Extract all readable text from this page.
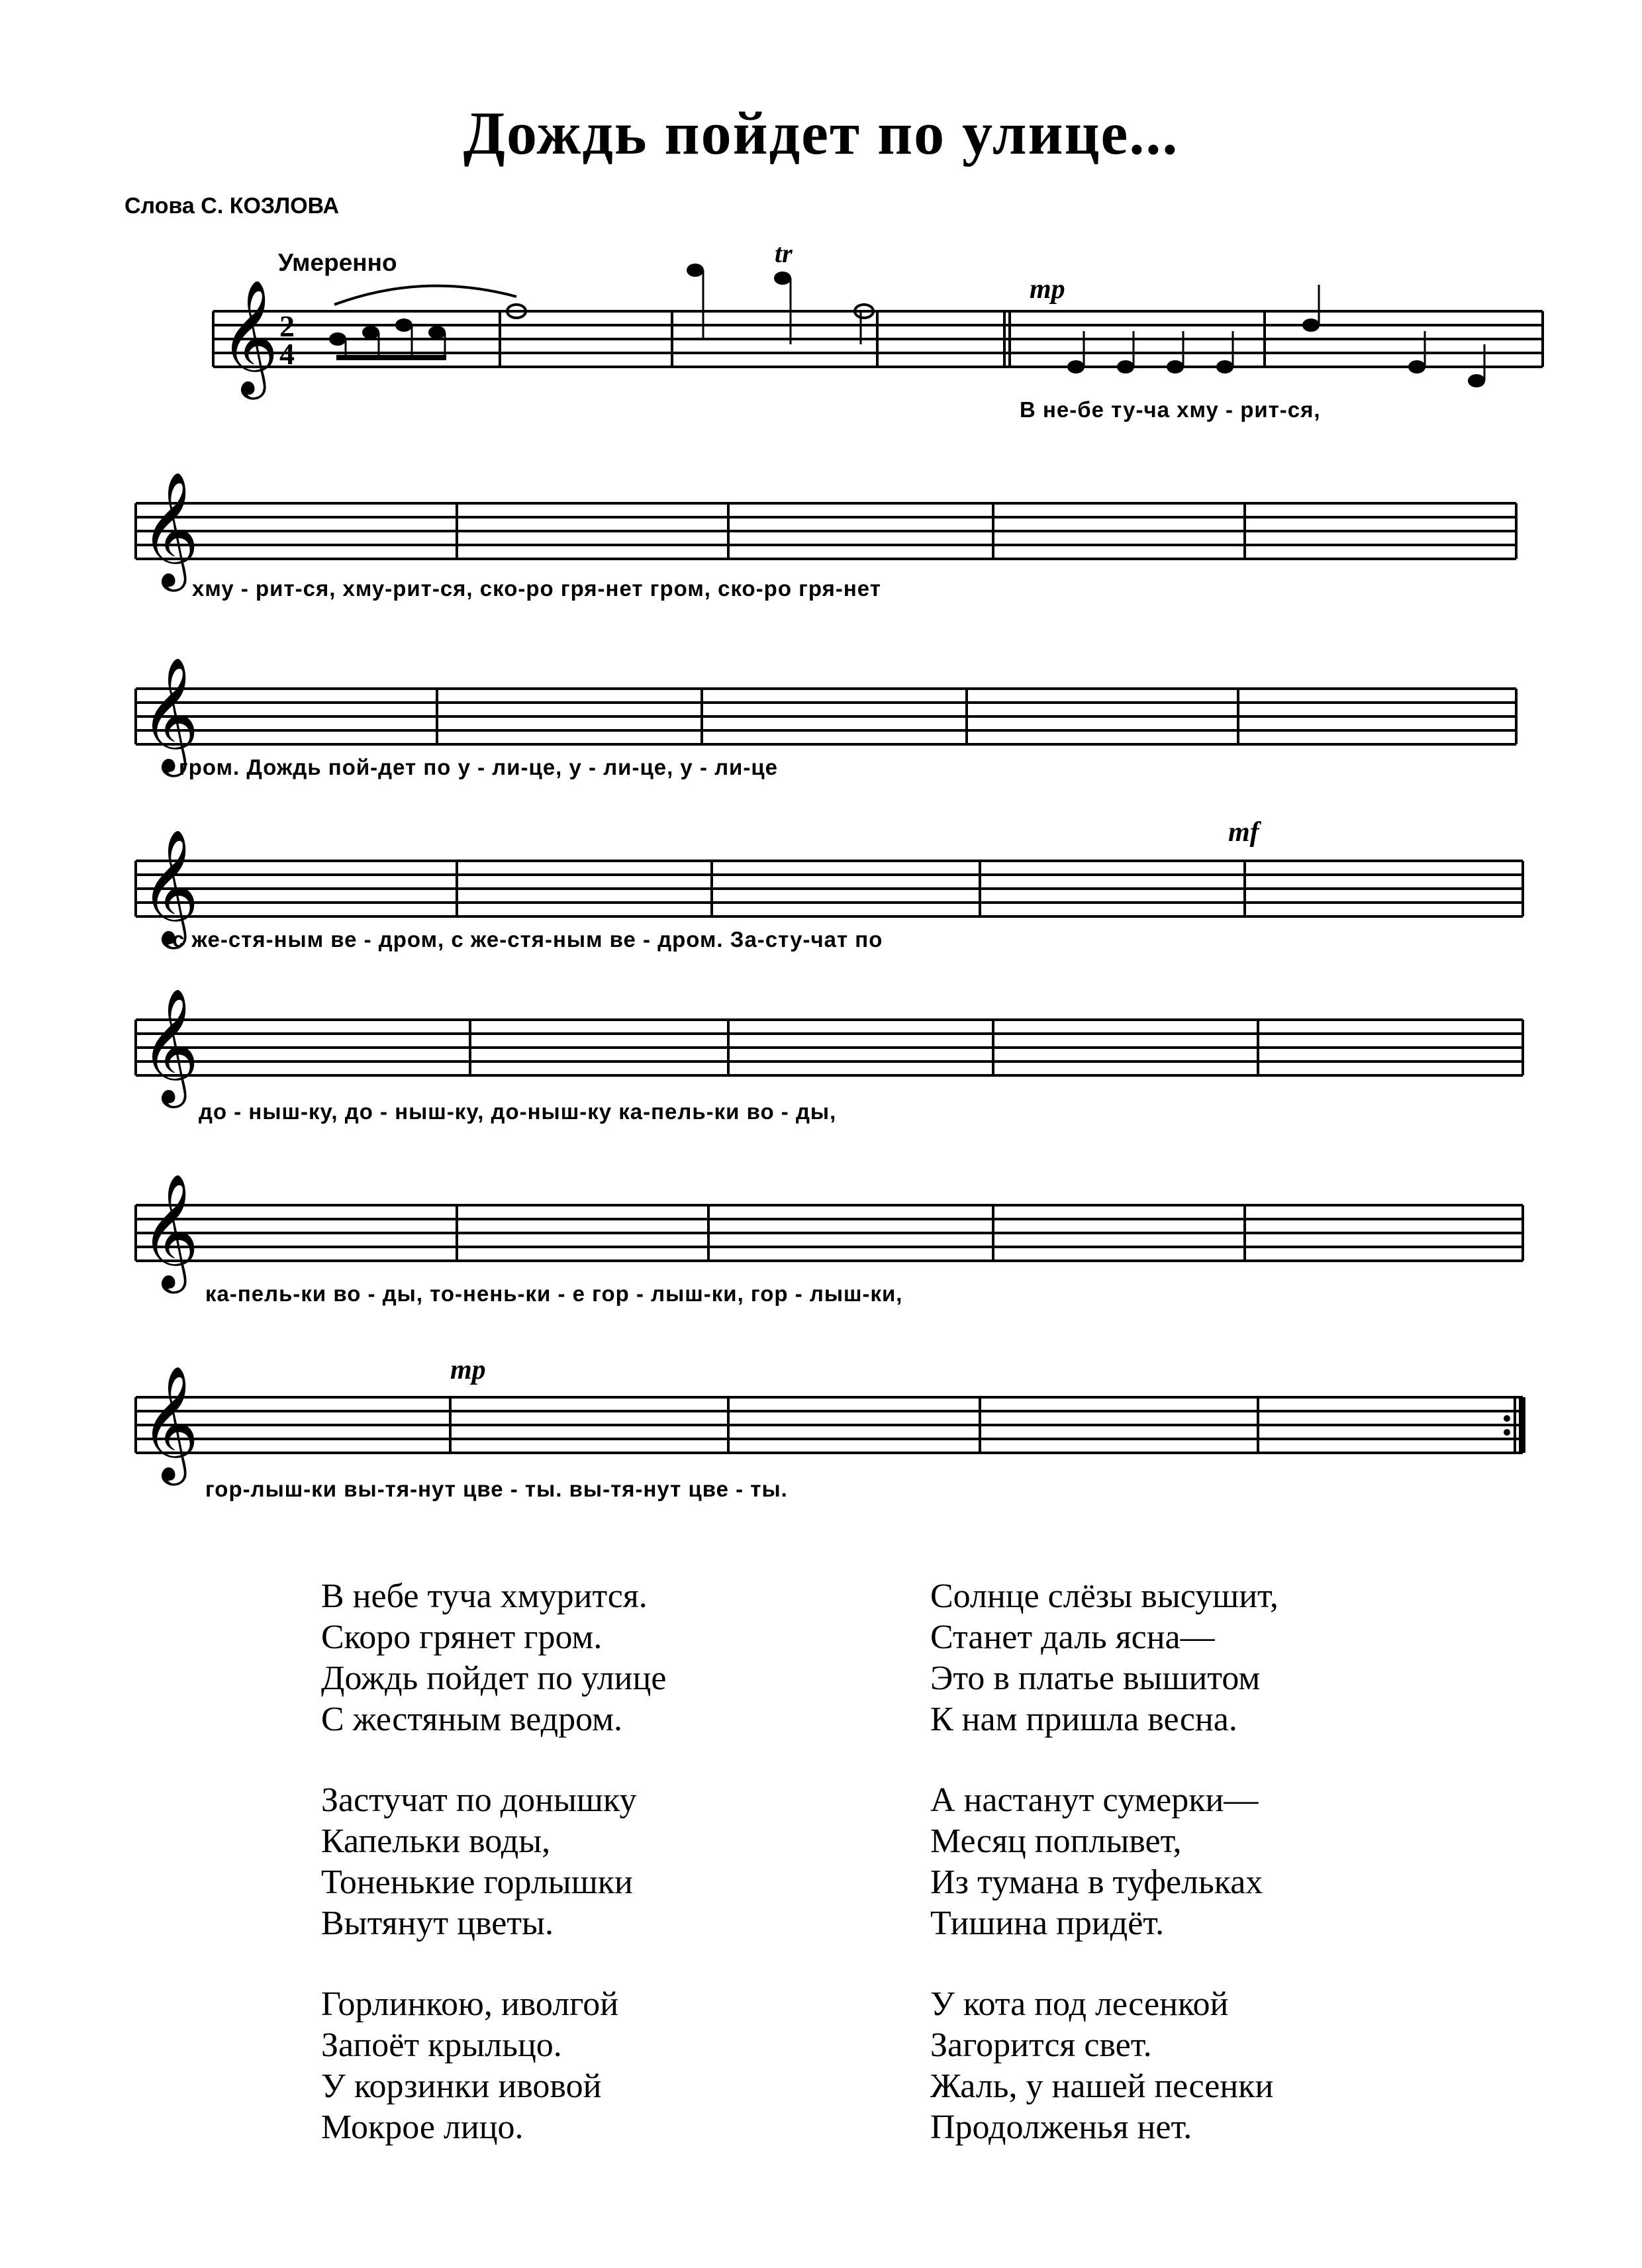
Дождь пойдет по улице...
Слова С. КОЗЛОВА
Умеренно
𝄞 2
4
tr
mp
В не-бе ту-ча хму - рит-ся,
𝄞
хму - рит-ся, хму-рит-ся, ско-ро гря-нет гром, ско-ро гря-нет
𝄞
гром. Дождь пой-дет по у - ли-це, у - ли-це, у - ли-це
𝄞	mf
с же-стя-ным ве - дром, с же-стя-ным ве - дром. За-сту-чат по
𝄞
до - ныш-ку, до - ныш-ку, до-ныш-ку ка-пель-ки во - ды,
𝄞
ка-пель-ки во - ды, то-нень-ки - е гор - лыш-ки, гор - лыш-ки,
𝄞	mp
гор-лыш-ки вы-тя-нут цве - ты. вы-тя-нут цве - ты.
В небе туча хмурится.
Скоро грянет гром.
Дождь пойдет по улице
С жестяным ведром.
Застучат по донышку
Капельки воды,
Тоненькие горлышки
Вытянут цветы.
Горлинкою, иволгой
Запоёт крыльцо.
У корзинки ивовой
Мокрое лицо.
Солнце слёзы высушит,
Станет даль ясна—
Это в платье вышитом
К нам пришла весна.
А настанут сумерки—
Месяц поплывет,
Из тумана в туфельках
Тишина придёт.
У кота под лесенкой
Загорится свет.
Жаль, у нашей песенки
Продолженья нет.
